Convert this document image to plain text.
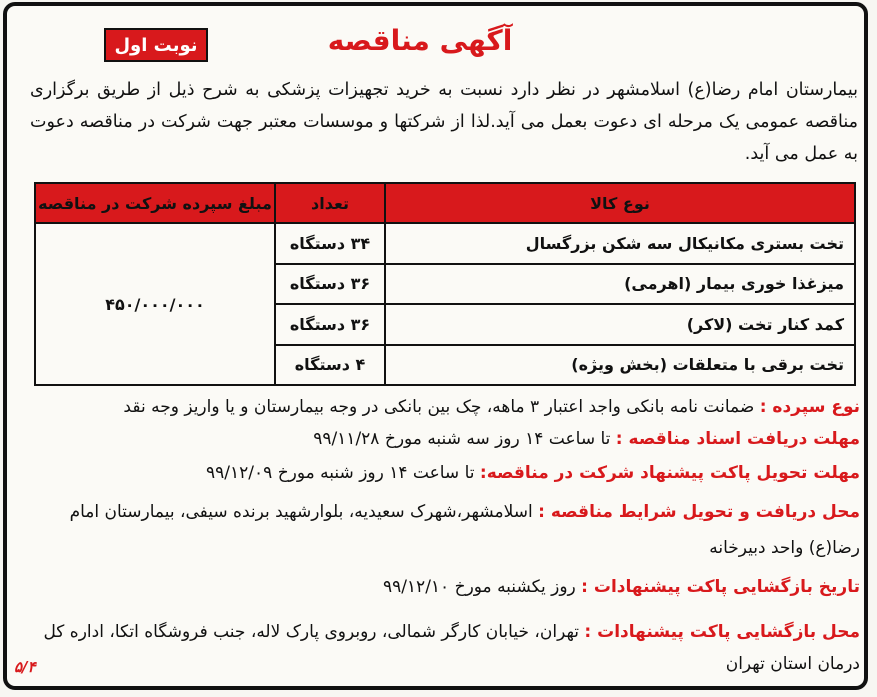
نوبت اول	آگهی مناقصه
بیمارستان امام رضا(ع) اسلامشهر در نظر دارد نسبت به خرید تجهیزات پزشکی به شرح ذیل از طریق برگزاری مناقصه عمومی یک مرحله ای دعوت بعمل می آید.لذا از شرکتها و موسسات معتبر جهت شرکت در مناقصه دعوت به عمل می آید.
نوع کالا	تعداد	مبلغ سپرده شرکت در مناقصه
تخت بستری مکانیکال سه شکن بزرگسال	۳۴ دستگاه	۴۵۰/۰۰۰/۰۰۰
میزغذا خوری بیمار (اهرمی)	۳۶ دستگاه	
کمد کنار تخت (لاکر)	۳۶ دستگاه	
تخت برقی با متعلقات (بخش ویژه)	۴ دستگاه	
نوع سپرده : ضمانت نامه بانکی واجد اعتبار ۳ ماهه، چک بین بانکی در وجه بیمارستان و یا واریز وجه نقد
مهلت دریافت اسناد مناقصه : تا ساعت ۱۴ روز سه شنبه مورخ ۹۹/۱۱/۲۸
مهلت تحویل پاکت پیشنهاد شرکت در مناقصه: تا ساعت ۱۴ روز شنبه مورخ ۹۹/۱۲/۰۹
محل دریافت و تحویل شرایط مناقصه : اسلامشهر،شهرک سعیدیه، بلوارشهید برنده سیفی، بیمارستان امام رضا(ع) واحد دبیرخانه
تاریخ بازگشایی پاکت پیشنهادات : روز یکشنبه مورخ ۹۹/۱۲/۱۰
محل بازگشایی پاکت پیشنهادات : تهران، خیابان کارگر شمالی، روبروی پارک لاله، جنب فروشگاه اتکا، اداره کل درمان استان تهران
۵/۴
